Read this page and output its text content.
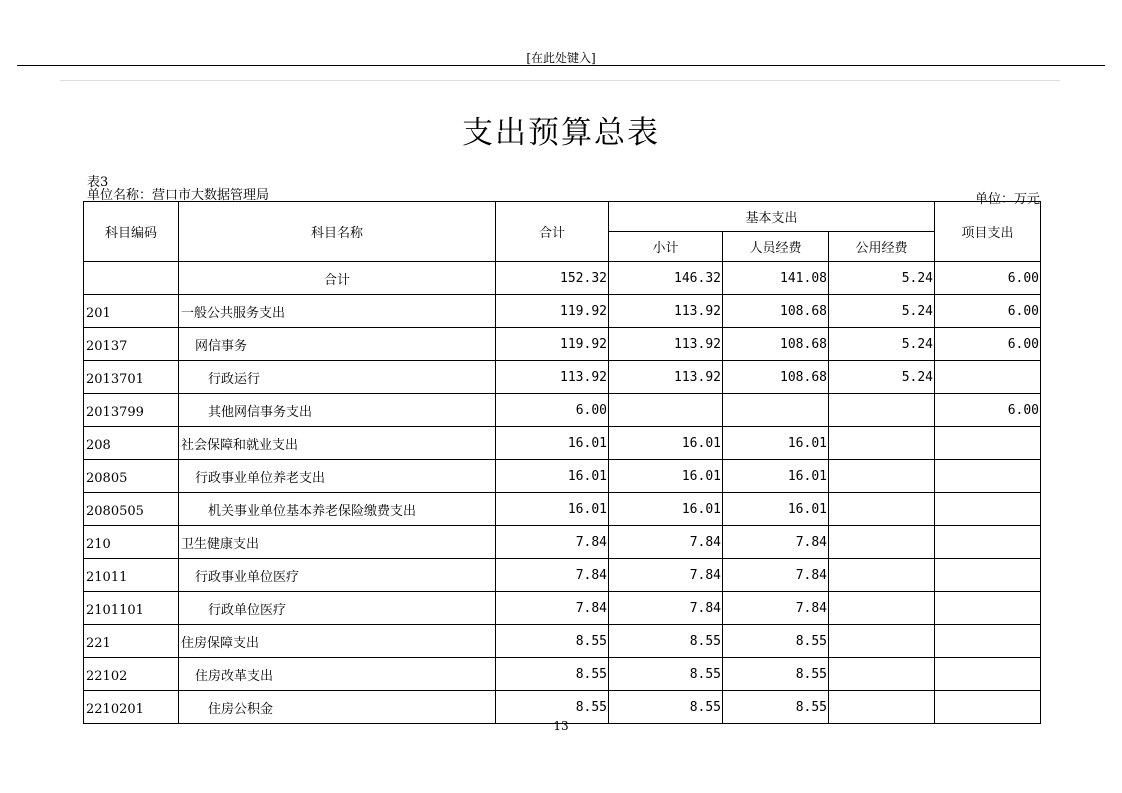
[在此处键入]
支出预算总表
表3
单位名称：营口市大数据管理局	单位：万元
科目编码	科目名称	合计	基本支出			项目支出
			小计	人员经费	公用经费	
	合计	152.32	146.32	141.08	5.24	6.00
201	一般公共服务支出	119.92	113.92	108.68	5.24	6.00
20137	网信事务	119.92	113.92	108.68	5.24	6.00
2013701	行政运行	113.92	113.92	108.68	5.24	
2013799	其他网信事务支出	6.00				6.00
208	社会保障和就业支出	16.01	16.01	16.01		
20805	行政事业单位养老支出	16.01	16.01	16.01		
2080505	机关事业单位基本养老保险缴费支出	16.01	16.01	16.01		
210	卫生健康支出	7.84	7.84	7.84		
21011	行政事业单位医疗	7.84	7.84	7.84		
2101101	行政单位医疗	7.84	7.84	7.84		
221	住房保障支出	8.55	8.55	8.55		
22102	住房改革支出	8.55	8.55	8.55		
2210201	住房公积金	8.55	8.55	8.55		
13
